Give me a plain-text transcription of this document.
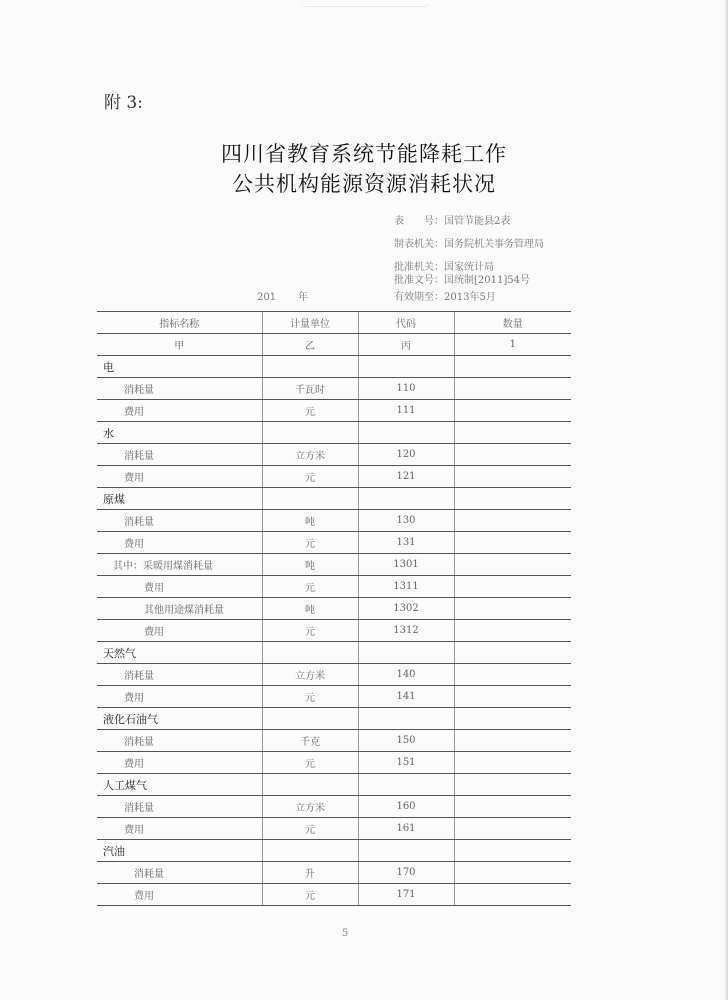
附 3:
四川省教育系统节能降耗工作
公共机构能源资源消耗状况
表　　号：国管节能县2表
制表机关：国务院机关事务管理局
批准机关：国家统计局
批准文号：国统制[2011]54号
201 年	有效期至：2013年5月
指标名称	计量单位	代码	数量
甲	乙	丙	1
电			
消耗量	千瓦时	110	
费用	元	111	
水			
消耗量	立方米	120	
费用	元	121	
原煤			
消耗量	吨	130	
费用	元	131	
其中：采暖用煤消耗量	吨	1301	
费用	元	1311	
其他用途煤消耗量	吨	1302	
费用	元	1312	
天然气			
消耗量	立方米	140	
费用	元	141	
液化石油气			
消耗量	千克	150	
费用	元	151	
人工煤气			
消耗量	立方米	160	
费用	元	161	
汽油			
消耗量	升	170	
费用	元	171	
5
